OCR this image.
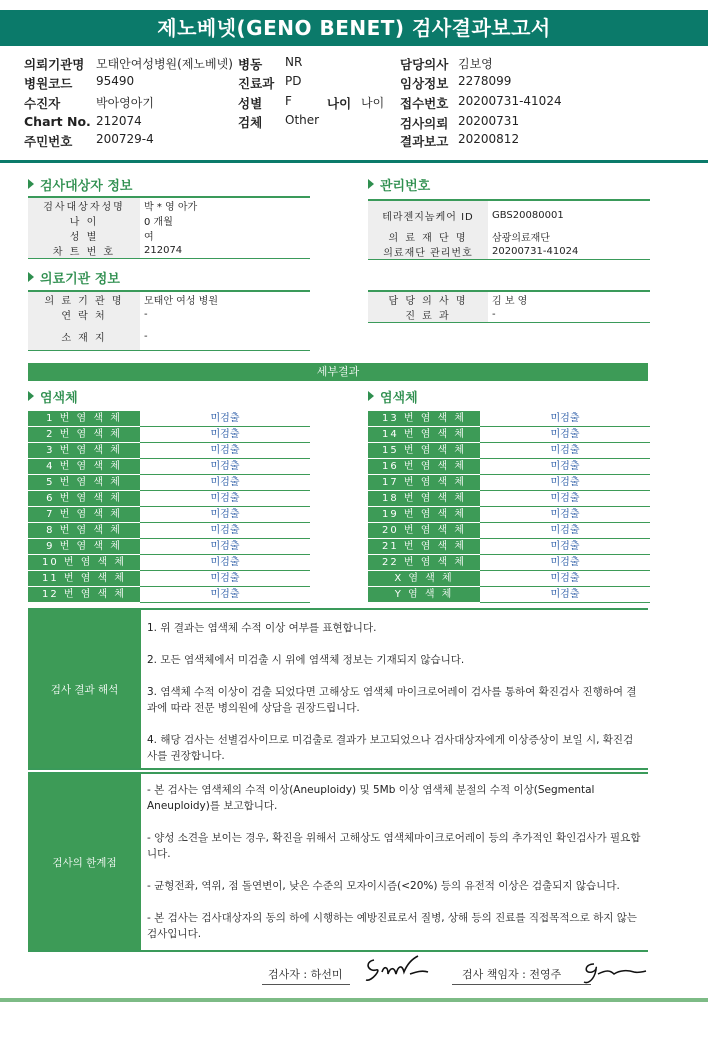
제노베넷(GENO BENET) 검사결과보고서
의뢰기관명 모태안여성병원(제노베넷)
병원코드 95490
수진자	박아영아기
Chart No. 212074
주민번호 200729-4
병동 NR
진료과 PD
성별 F
검체 Other
나이 나이
담당의사 김보영
임상정보 2278099
접수번호 20200731-41024
검사의뢰 20200731
결과보고 20200812
검사대상자 정보
검사대상자성명	박 * 영 아가
나 이	0 개월
성 별	여
차 트 번 호	212074
관리번호
테라젠지놈케어 ID	GBS20080001
의 료 재 단 명	삼광의료재단
의료재단 관리번호	20200731-41024
의료기관 정보
의 료 기 관 명	모태안 여성 병원
연 락 처	-
소 재 지	-
담 당 의 사 명	김 보 영
진 료 과	-
세부결과
염색체	염색체
1 번 염 색 체	미검출
2 번 염 색 체	미검출
3 번 염 색 체	미검출
4 번 염 색 체	미검출
5 번 염 색 체	미검출
6 번 염 색 체	미검출
7 번 염 색 체	미검출
8 번 염 색 체	미검출
9 번 염 색 체	미검출
10 번 염 색 체	미검출
11 번 염 색 체	미검출
12 번 염 색 체	미검출
13 번 염 색 체	미검출
14 번 염 색 체	미검출
15 번 염 색 체	미검출
16 번 염 색 체	미검출
17 번 염 색 체	미검출
18 번 염 색 체	미검출
19 번 염 색 체	미검출
20 번 염 색 체	미검출
21 번 염 색 체	미검출
22 번 염 색 체	미검출
X 염 색 체	미검출
Y 염 색 체	미검출
검사 결과 해석

1. 위 결과는 염색체 수적 이상 여부를 표현합니다.

2. 모든 염색체에서 미검출 시 위에 염색체 정보는 기재되지 않습니다.

3. 염색체 수적 이상이 검출 되었다면 고해상도 염색체 마이크로어레이 검사를 통하여 확진검사 진행하여 결과에 따라 전문 병의원에 상담을 권장드립니다.

4. 해당 검사는 선별검사이므로 미검출로 결과가 보고되었으나 검사대상자에게 이상증상이 보일 시, 확진검사를 권장합니다.

검사의 한계점

- 본 검사는 염색체의 수적 이상(Aneuploidy) 및 5Mb 이상 염색체 분절의 수적 이상(Segmental Aneuploidy)를 보고합니다.

- 양성 소견을 보이는 경우, 확진을 위해서 고해상도 염색체마이크로어레이 등의 추가적인 확인검사가 필요합니다.

- 균형전좌, 역위, 점 돌연변이, 낮은 수준의 모자이시즘(<20%) 등의 유전적 이상은 검출되지 않습니다.

- 본 검사는 검사대상자의 동의 하에 시행하는 예방진료로서 질병, 상해 등의 진료를 직접목적으로 하지 않는 검사입니다.

검사자 : 하선미	검사 책임자 : 전영주
